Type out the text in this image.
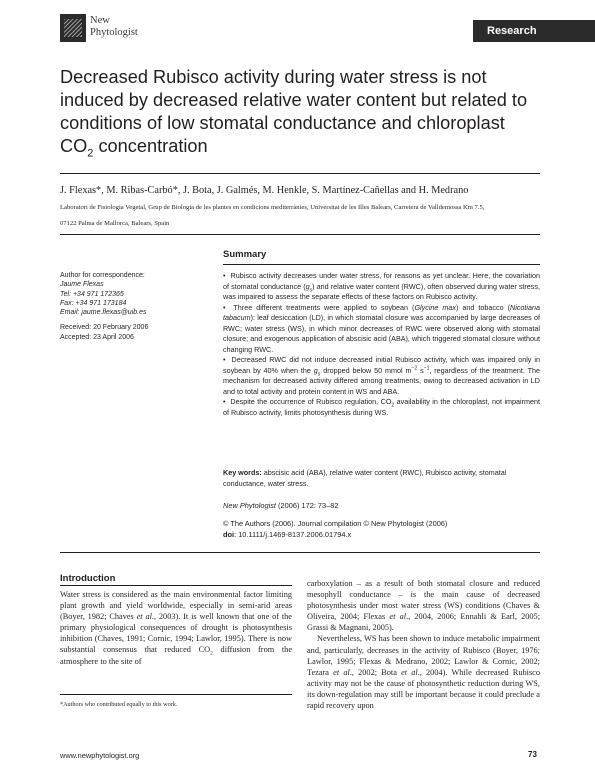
New
Phytologist	Research
Decreased Rubisco activity during water stress is not induced by decreased relative water content but related to conditions of low stomatal conductance and chloroplast $CO_2$ concentration
J. Flexas*, M. Ribas-Carbó*, J. Bota, J. Galmés, M. Henkle, S. Martínez-Cañellas and H. Medrano
Laboratori de Fisiologia Vegetal, Grup de Biologia de les plantes en condicions mediterrànies, Universitat de les Illes Balears, Carretera de Valldemossa Km 7.5,
07122 Palma de Mallorca, Balears, Spain
Author for correspondence:
Jaume Flexas
Tel: +34 971 172365
Fax: +34 971 173184
Email: jaume.flexas@uib.es
Received: 20 February 2006
Accepted: 23 April 2006
Summary

•  Rubisco activity decreases under water stress, for reasons as yet unclear. Here, the covariation of stomatal conductance $(g_s)$ and relative water content (RWC), often observed during water stress, was impaired to assess the separate effects of these factors on Rubisco activity.

•  Three different treatments were applied to soybean (Glycine max) and tobacco (Nicotiana tabacum): leaf desiccation (LD), in which stomatal closure was accompanied by large decreases of RWC; water stress (WS), in which minor decreases of RWC were observed along with stomatal closure; and exogenous application of abscisic acid (ABA), which triggered stomatal closure without changing RWC.

•  Decreased RWC did not induce decreased initial Rubisco activity, which was impaired only in soybean by 40% when the $g_s$ dropped below 50 mmol $m^{-2}$ $s^{-1}$, regardless of the treatment. The mechanism for decreased activity differed among treatments, owing to decreased activation in LD and to total activity and protein content in WS and ABA.

•  Despite the occurrence of Rubisco regulation, $CO_2$ availability in the chloroplast, not impairment of Rubisco activity, limits photosynthesis during WS.

Key words: abscisic acid (ABA), relative water content (RWC), Rubisco activity, stomatal conductance, water stress.
New Phytologist (2006) 172: 73–82
© The Authors (2006). Journal compilation © New Phytologist (2006)
doi: 10.1111/j.1469-8137.2006.01794.x
Introduction

Water stress is considered as the main environmental factor limiting plant growth and yield worldwide, especially in semi-arid areas (Boyer, 1982; Chaves et al., 2003). It is well known that one of the primary physiological consequences of drought is photosynthesis inhibition (Chaves, 1991; Cornic, 1994; Lawlor, 1995). There is now substantial consensus that reduced $CO_2$ diffusion from the atmosphere to the site of

carboxylation – as a result of both stomatal closure and reduced mesophyll conductance – is the main cause of decreased photosynthesis under most water stress (WS) conditions (Chaves & Oliveira, 2004; Flexas et al., 2004, 2006; Ennahli & Earl, 2005; Grassi & Magnani, 2005).

Nevertheless, WS has been shown to induce metabolic impairment and, particularly, decreases in the activity of Rubisco (Boyer, 1976; Lawlor, 1995; Flexas & Medrano, 2002; Lawlor & Cornic, 2002; Tezara et al., 2002; Bota et al., 2004). While decreased Rubisco activity may not be the cause of photosynthetic reduction during WS, its down-regulation may still be important because it could preclude a rapid recovery upon

*Authors who contributed equally to this work.
www.newphytologist.org	73
